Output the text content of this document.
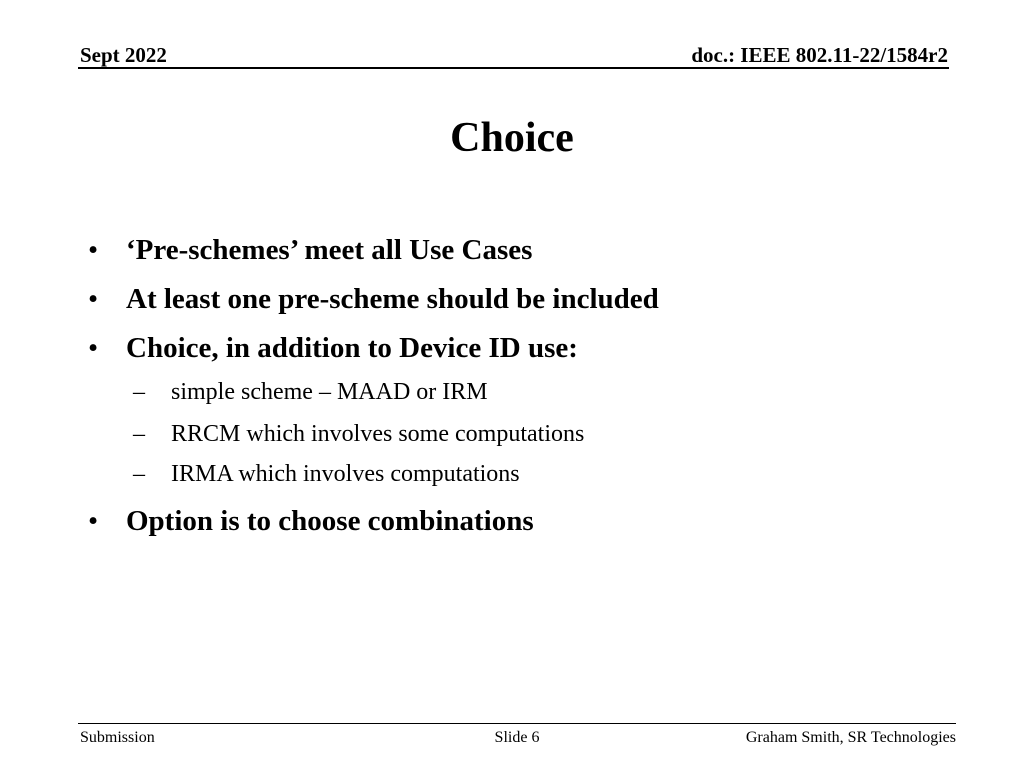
Sept 2022	doc.: IEEE 802.11-22/1584r2
Choice
• ‘Pre-schemes’ meet all Use Cases
• At least one pre-scheme should be included
• Choice, in addition to Device ID use:
– simple scheme – MAAD or IRM
– RRCM which involves some computations
– IRMA which involves computations
• Option is to choose combinations
Submission	Slide 6	Graham Smith, SR Technologies
